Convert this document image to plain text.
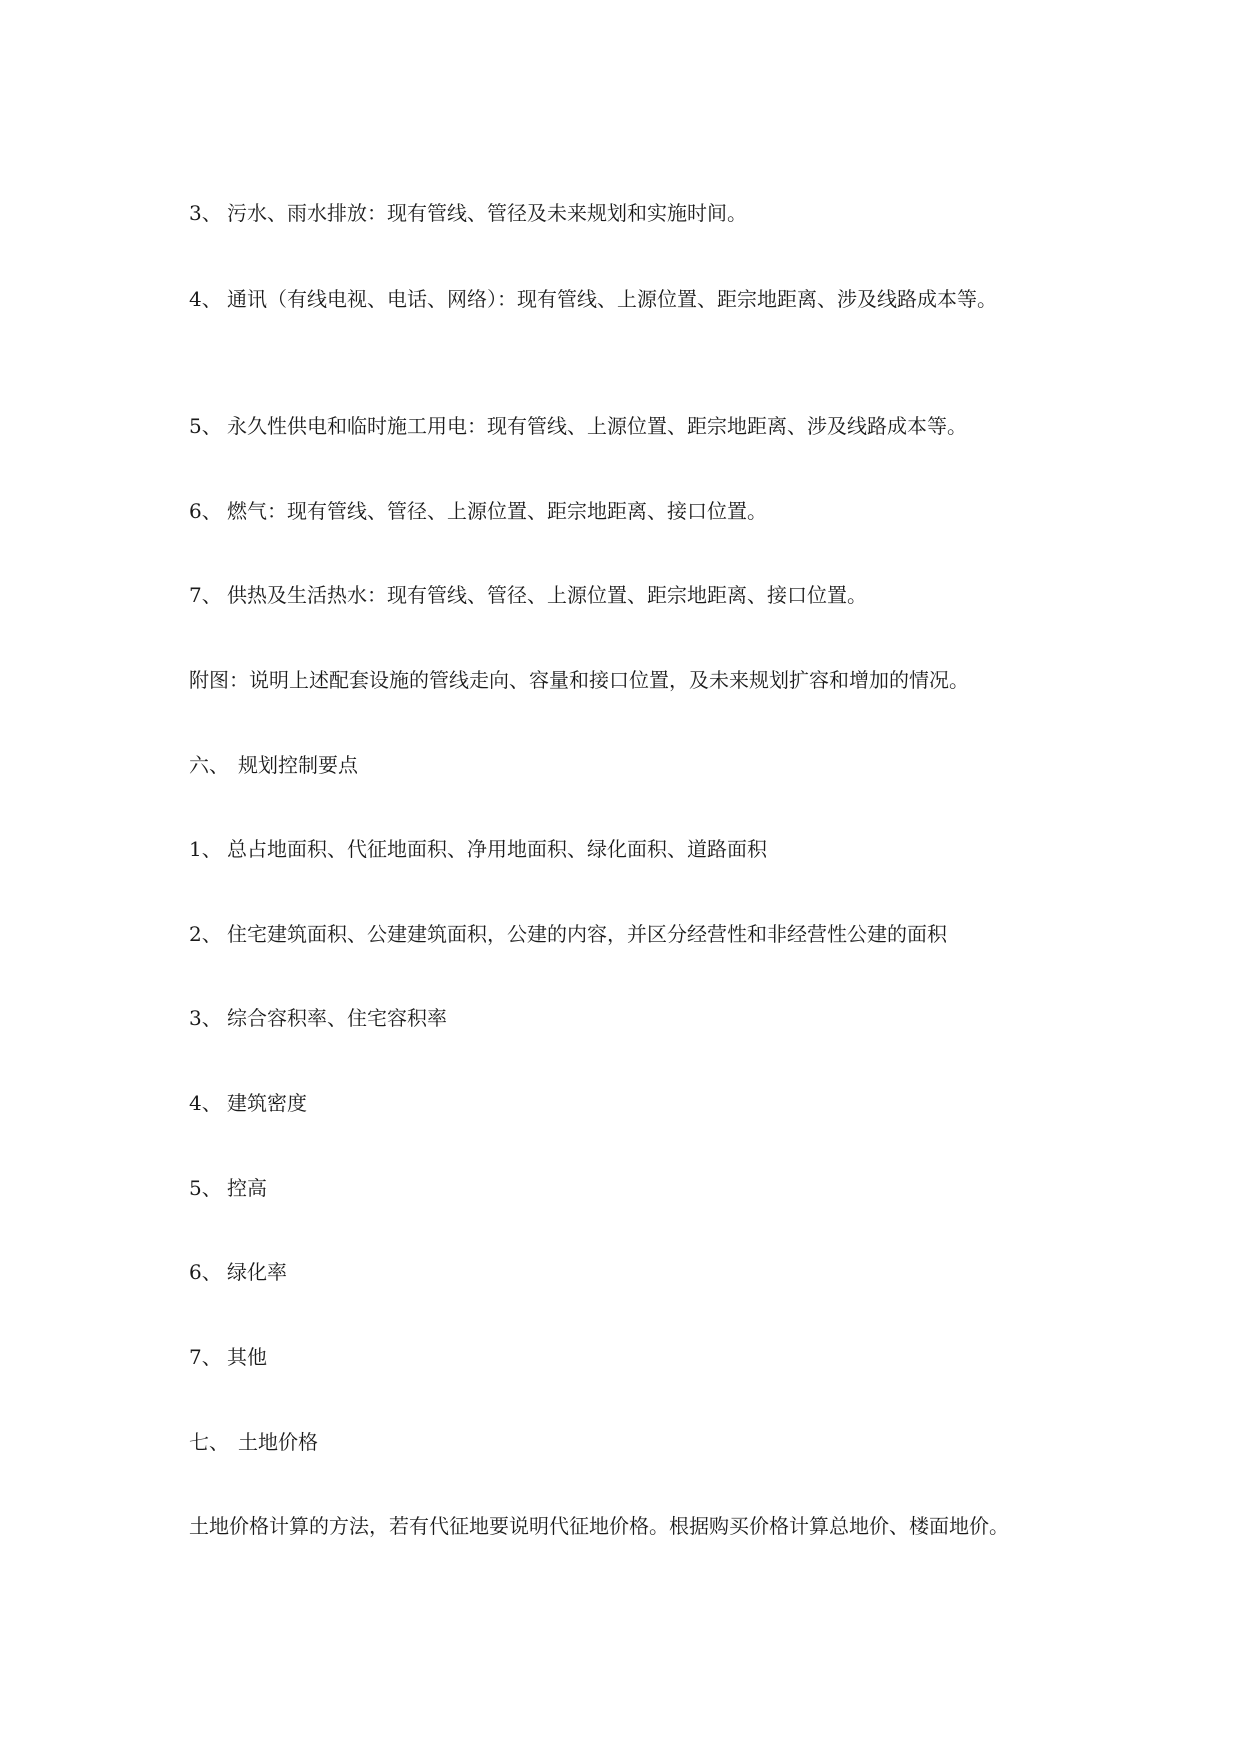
3、 污水、雨水排放：现有管线、管径及未来规划和实施时间。
4、 通讯（有线电视、电话、网络）：现有管线、上源位置、距宗地距离、涉及线路成本等。
5、 永久性供电和临时施工用电：现有管线、上源位置、距宗地距离、涉及线路成本等。
6、 燃气：现有管线、管径、上源位置、距宗地距离、接口位置。
7、 供热及生活热水：现有管线、管径、上源位置、距宗地距离、接口位置。
附图：说明上述配套设施的管线走向、容量和接口位置，及未来规划扩容和增加的情况。
六、 规划控制要点
1、 总占地面积、代征地面积、净用地面积、绿化面积、道路面积
2、 住宅建筑面积、公建建筑面积，公建的内容，并区分经营性和非经营性公建的面积
3、 综合容积率、住宅容积率
4、 建筑密度
5、 控高
6、 绿化率
7、 其他
七、 土地价格
土地价格计算的方法，若有代征地要说明代征地价格。根据购买价格计算总地价、楼面地价。
